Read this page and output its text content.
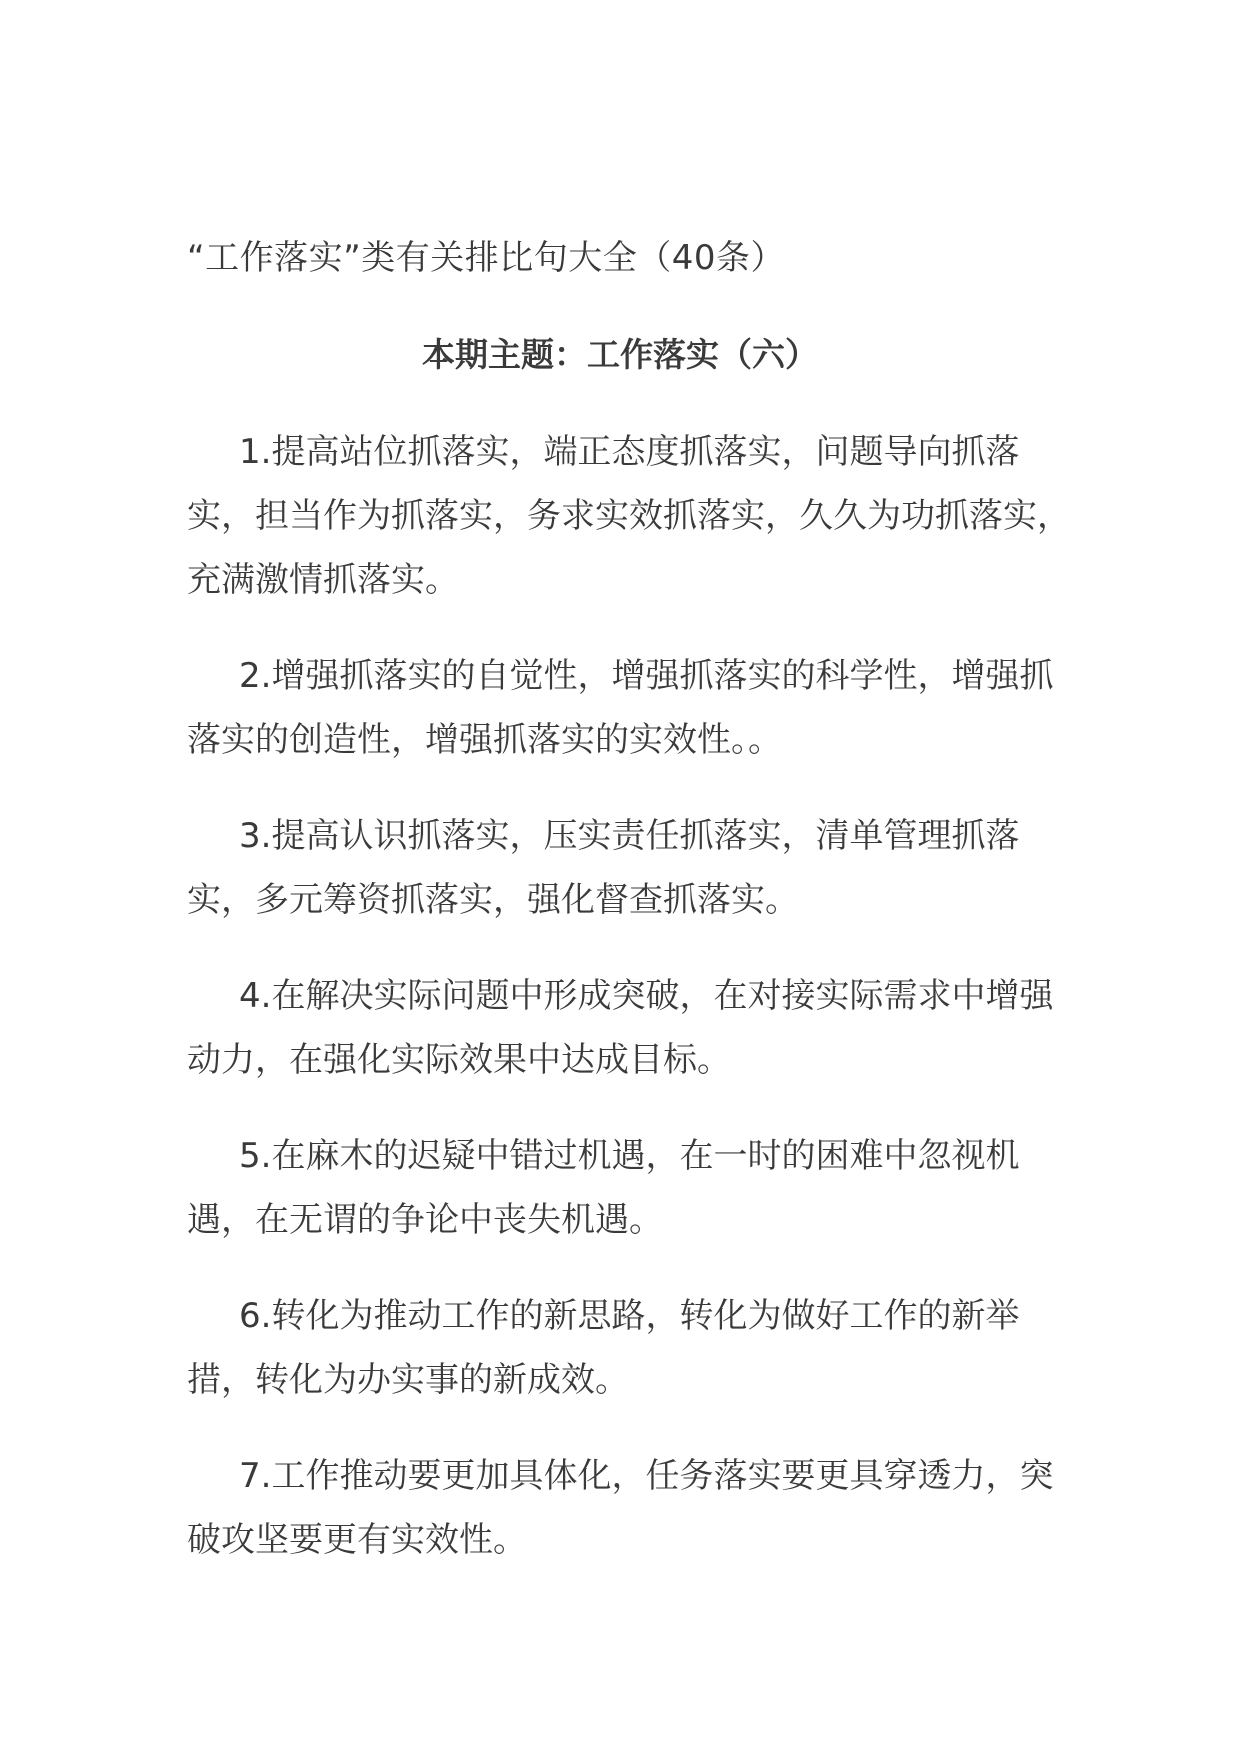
“工作落实”类有关排比句大全（40条）
本期主题：工作落实（六）
1.提高站位抓落实，端正态度抓落实，问题导向抓落实，担当作为抓落实，务求实效抓落实，久久为功抓落实，充满激情抓落实。
2.增强抓落实的自觉性，增强抓落实的科学性，增强抓落实的创造性，增强抓落实的实效性。。
3.提高认识抓落实，压实责任抓落实，清单管理抓落实，多元筹资抓落实，强化督查抓落实。
4.在解决实际问题中形成突破，在对接实际需求中增强动力，在强化实际效果中达成目标。
5.在麻木的迟疑中错过机遇，在一时的困难中忽视机遇，在无谓的争论中丧失机遇。
6.转化为推动工作的新思路，转化为做好工作的新举措，转化为办实事的新成效。
7.工作推动要更加具体化，任务落实要更具穿透力，突破攻坚要更有实效性。
